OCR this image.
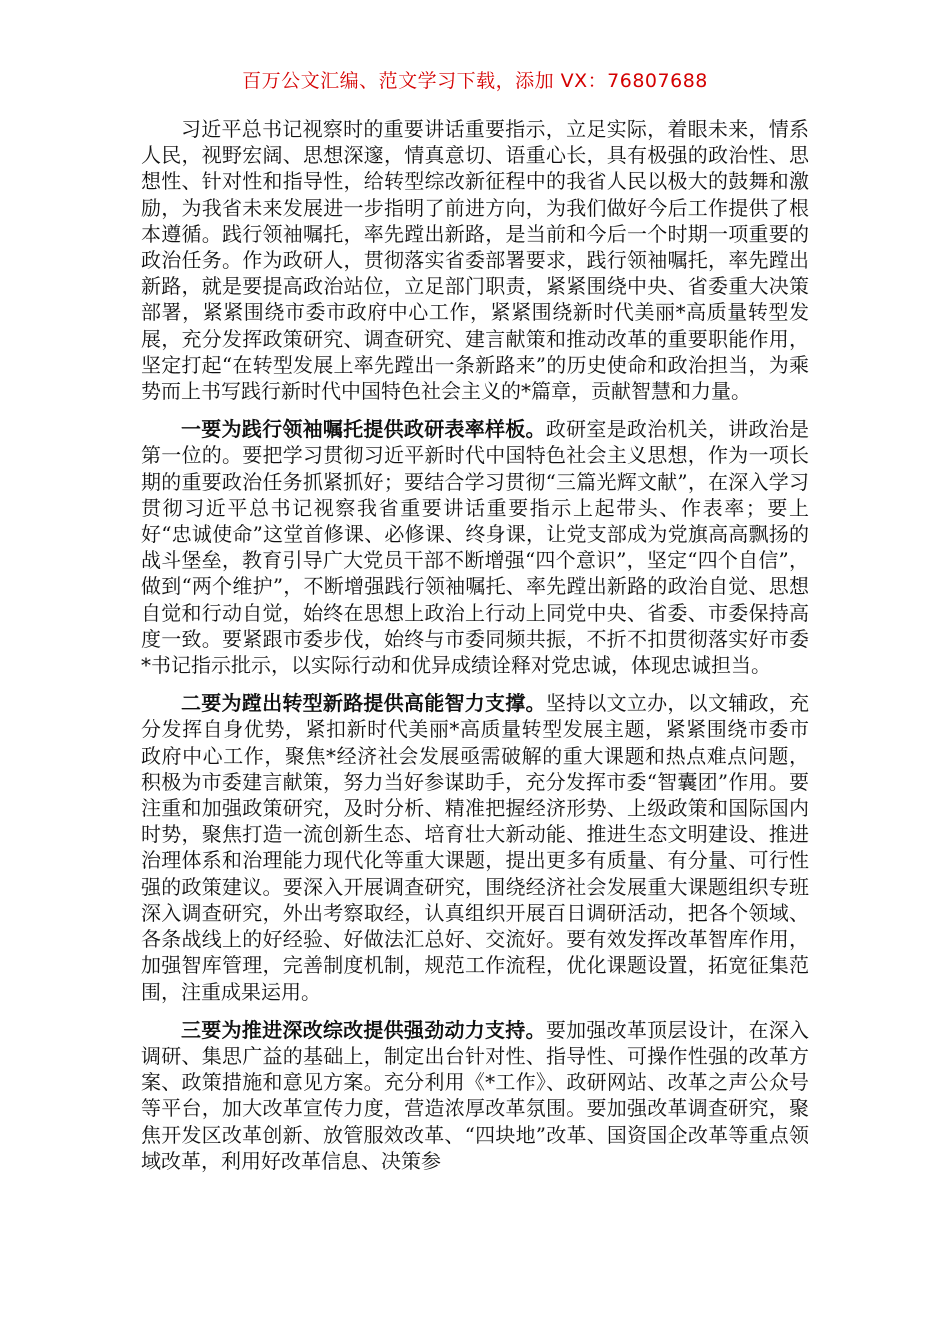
百万公文汇编、范文学习下载，添加 VX：76807688

习近平总书记视察时的重要讲话重要指示，立足实际，着眼未来，情系人民，视野宏阔、思想深邃，情真意切、语重心长，具有极强的政治性、思想性、针对性和指导性，给转型综改新征程中的我省人民以极大的鼓舞和激励，为我省未来发展进一步指明了前进方向，为我们做好今后工作提供了根本遵循。践行领袖嘱托，率先蹚出新路，是当前和今后一个时期一项重要的政治任务。作为政研人，贯彻落实省委部署要求，践行领袖嘱托，率先蹚出新路，就是要提高政治站位，立足部门职责，紧紧围绕中央、省委重大决策部署，紧紧围绕市委市政府中心工作，紧紧围绕新时代美丽*高质量转型发展，充分发挥政策研究、调查研究、建言献策和推动改革的重要职能作用，坚定打起“在转型发展上率先蹚出一条新路来”的历史使命和政治担当，为乘势而上书写践行新时代中国特色社会主义的*篇章，贡献智慧和力量。

一要为践行领袖嘱托提供政研表率样板。政研室是政治机关，讲政治是第一位的。要把学习贯彻习近平新时代中国特色社会主义思想，作为一项长期的重要政治任务抓紧抓好；要结合学习贯彻“三篇光辉文献”，在深入学习贯彻习近平总书记视察我省重要讲话重要指示上起带头、作表率；要上好“忠诚使命”这堂首修课、必修课、终身课，让党支部成为党旗高高飘扬的战斗堡垒，教育引导广大党员干部不断增强“四个意识”，坚定“四个自信”，做到“两个维护”，不断增强践行领袖嘱托、率先蹚出新路的政治自觉、思想自觉和行动自觉，始终在思想上政治上行动上同党中央、省委、市委保持高度一致。要紧跟市委步伐，始终与市委同频共振，不折不扣贯彻落实好市委*书记指示批示，以实际行动和优异成绩诠释对党忠诚，体现忠诚担当。

二要为蹚出转型新路提供高能智力支撑。坚持以文立办，以文辅政，充分发挥自身优势，紧扣新时代美丽*高质量转型发展主题，紧紧围绕市委市政府中心工作，聚焦*经济社会发展亟需破解的重大课题和热点难点问题，积极为市委建言献策，努力当好参谋助手，充分发挥市委“智囊团”作用。要注重和加强政策研究，及时分析、精准把握经济形势、上级政策和国际国内时势，聚焦打造一流创新生态、培育壮大新动能、推进生态文明建设、推进治理体系和治理能力现代化等重大课题，提出更多有质量、有分量、可行性强的政策建议。要深入开展调查研究，围绕经济社会发展重大课题组织专班深入调查研究，外出考察取经，认真组织开展百日调研活动，把各个领域、各条战线上的好经验、好做法汇总好、交流好。要有效发挥改革智库作用，加强智库管理，完善制度机制，规范工作流程，优化课题设置，拓宽征集范围，注重成果运用。

三要为推进深改综改提供强劲动力支持。要加强改革顶层设计，在深入调研、集思广益的基础上，制定出台针对性、指导性、可操作性强的改革方案、政策措施和意见方案。充分利用《*工作》、政研网站、改革之声公众号等平台，加大改革宣传力度，营造浓厚改革氛围。要加强改革调查研究，聚焦开发区改革创新、放管服效改革、“四块地”改革、国资国企改革等重点领域改革，利用好改革信息、决策参
